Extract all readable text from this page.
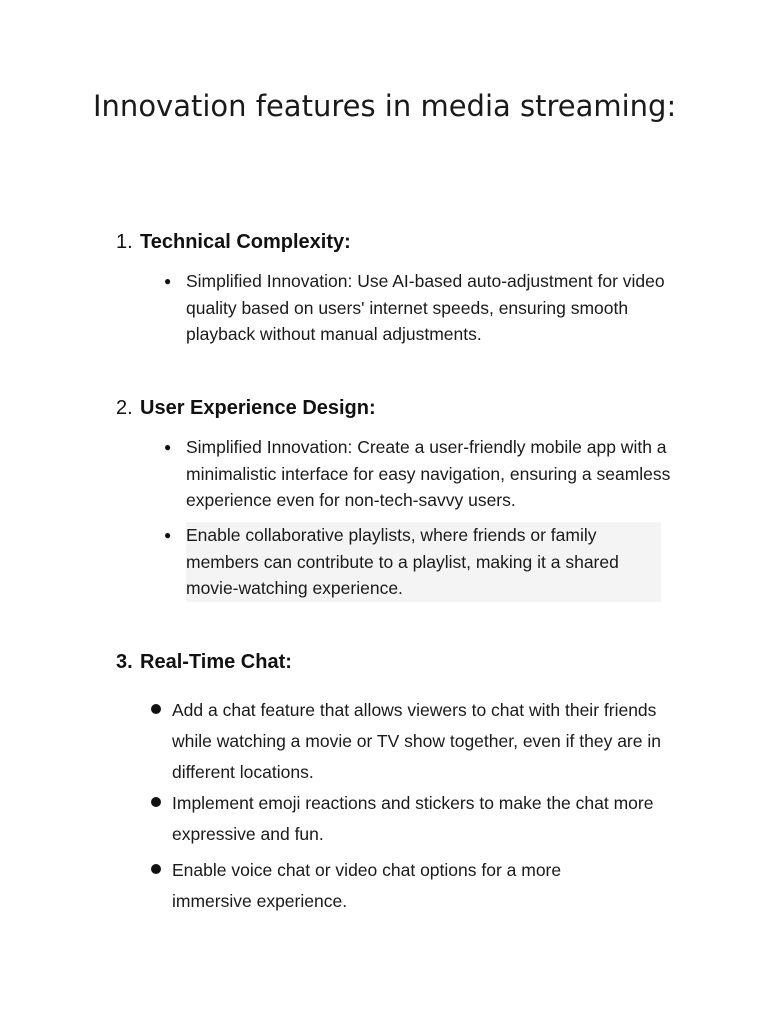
Innovation features in media streaming:
1. Technical Complexity:
● Simplified Innovation: Use AI-based auto-adjustment for video quality based on users' internet speeds, ensuring smooth playback without manual adjustments.
2. User Experience Design:
● Simplified Innovation: Create a user-friendly mobile app with a minimalistic interface for easy navigation, ensuring a seamless experience even for non-tech-savvy users.
● Enable collaborative playlists, where friends or family members can contribute to a playlist, making it a shared movie-watching experience.
3. Real-Time Chat:
Add a chat feature that allows viewers to chat with their friends while watching a movie or TV show together, even if they are in different locations.
Implement emoji reactions and stickers to make the chat more expressive and fun.
Enable voice chat or video chat options for a more immersive experience.
